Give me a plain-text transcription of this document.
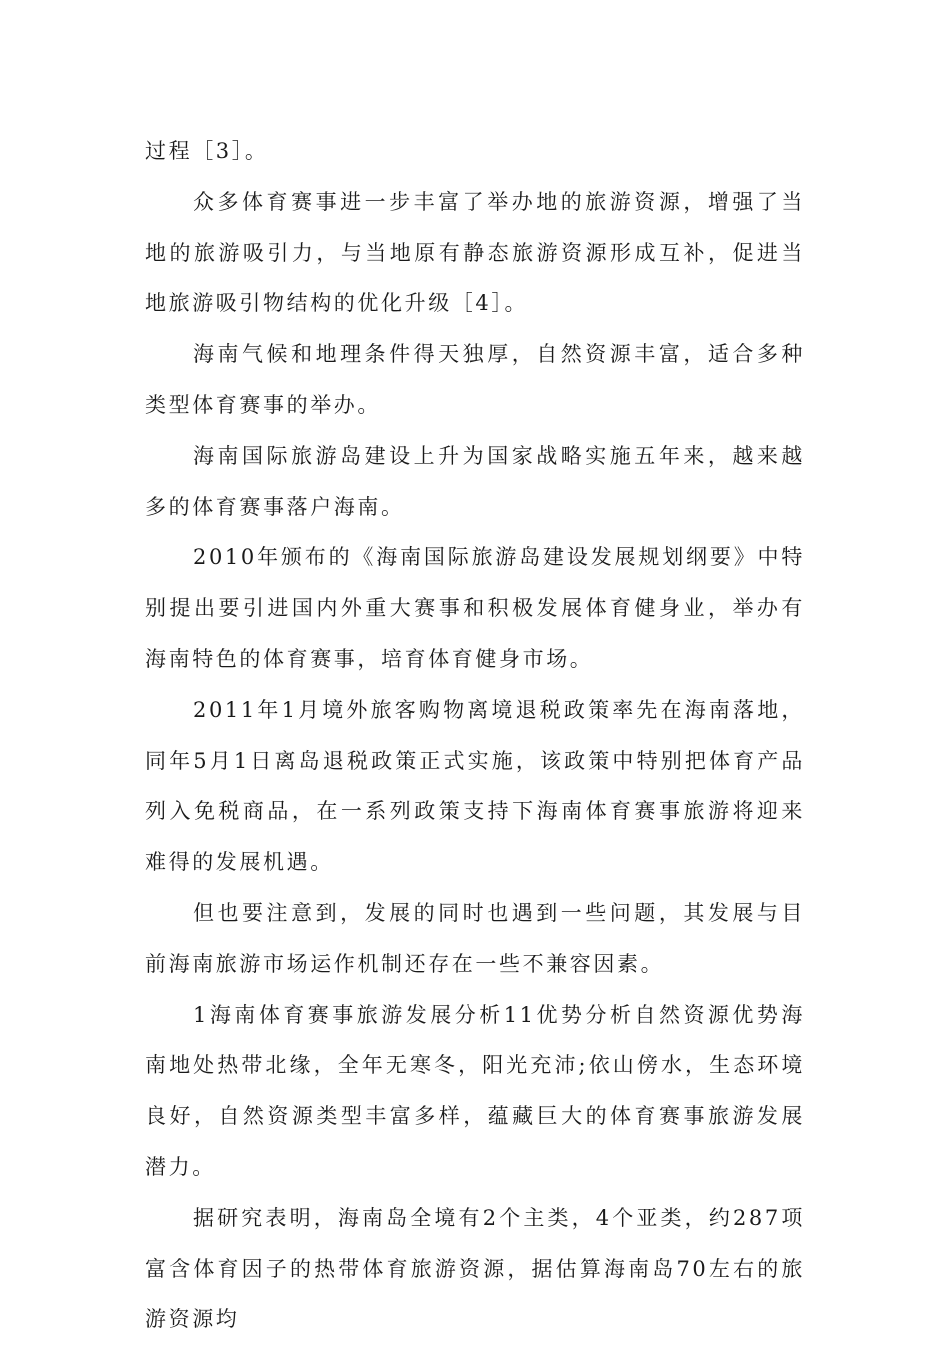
过程［3］。

众多体育赛事进一步丰富了举办地的旅游资源，增强了当地的旅游吸引力，与当地原有静态旅游资源形成互补，促进当地旅游吸引物结构的优化升级［4］。

海南气候和地理条件得天独厚，自然资源丰富，适合多种类型体育赛事的举办。

海南国际旅游岛建设上升为国家战略实施五年来，越来越多的体育赛事落户海南。

2010年颁布的《海南国际旅游岛建设发展规划纲要》中特别提出要引进国内外重大赛事和积极发展体育健身业，举办有海南特色的体育赛事，培育体育健身市场。

2011年1月境外旅客购物离境退税政策率先在海南落地，同年5月1日离岛退税政策正式实施，该政策中特别把体育产品列入免税商品，在一系列政策支持下海南体育赛事旅游将迎来难得的发展机遇。

但也要注意到，发展的同时也遇到一些问题，其发展与目前海南旅游市场运作机制还存在一些不兼容因素。

1海南体育赛事旅游发展分析11优势分析自然资源优势海南地处热带北缘，全年无寒冬，阳光充沛;依山傍水，生态环境良好，自然资源类型丰富多样，蕴藏巨大的体育赛事旅游发展潜力。

据研究表明，海南岛全境有2个主类，4个亚类，约287项富含体育因子的热带体育旅游资源，据估算海南岛70左右的旅游资源均
